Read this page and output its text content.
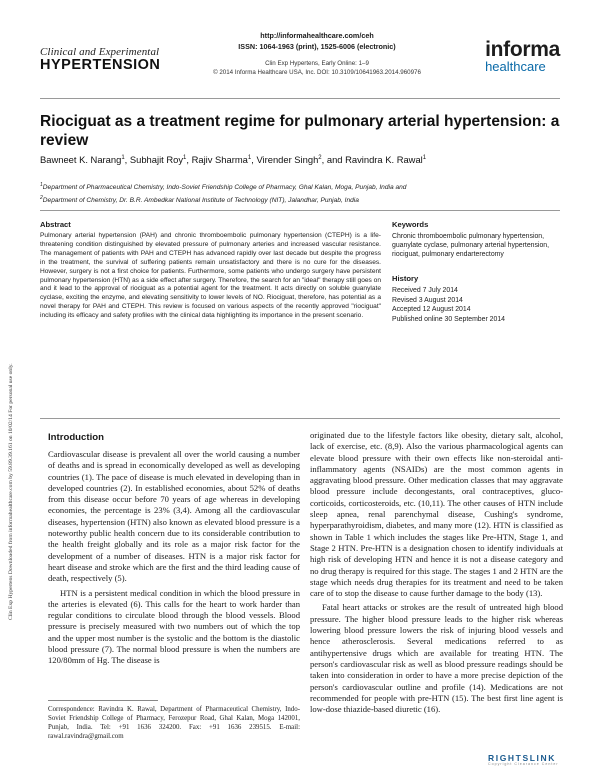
Clin Exp Hypertens Downloaded from informahealthcare.com by 59.89.39.161 on 10/02/14 For personal use only.
Clinical and Experimental
HYPERTENSION
http://informahealthcare.com/ceh
ISSN: 1064-1963 (print), 1525-6006 (electronic)
Clin Exp Hypertens, Early Online: 1–9
© 2014 Informa Healthcare USA, Inc. DOI: 10.3109/10641963.2014.960976
informa
healthcare
Riociguat as a treatment regime for pulmonary arterial hypertension: a review
Bawneet K. Narang$^1$, Subhajit Roy$^1$, Rajiv Sharma$^1$, Virender Singh$^2$, and Ravindra K. Rawal$^1$
$^1$Department of Pharmaceutical Chemistry, Indo-Soviet Friendship College of Pharmacy, Ghal Kalan, Moga, Punjab, India and
$^2$Department of Chemistry, Dr. B.R. Ambedkar National Institute of Technology (NIT), Jalandhar, Punjab, India
Abstract
Pulmonary arterial hypertension (PAH) and chronic thromboembolic pulmonary hypertension (CTEPH) is a life-threatening condition distinguished by elevated pressure of pulmonary arteries and increased vascular resistance. The management of patients with PAH and CTEPH has advanced rapidly over last decade but despite the progress in the treatment, the survival of suffering patients remain unsatisfactory and there is no cure for the diseases. However, surgery is not a first choice for patients. Furthermore, some patients who undergo surgery have persistent pulmonary hypertension (HTN) as a side effect after surgery. Therefore, the search for an "ideal" therapy still goes on and it lead to the approval of riociguat as a potential agent for the treatment. It acts directly on soluble guanylate cyclase, exciting the enzyme, and elevating sensitivity to lower levels of NO. Riociguat, therefore, has potential as a novel therapy for PAH and CTEPH. This review is focused on various aspects of the recently approved "riociguat" including its efficacy and safety profiles with the clinical data highlighting its importance in the present scenario.
Keywords
Chronic thromboembolic pulmonary hypertension, guanylate cyclase, pulmonary arterial hypertension, riociguat, pulmonary endarterectomy
History
Received 7 July 2014
Revised 3 August 2014
Accepted 12 August 2014
Published online 30 September 2014
Introduction

Cardiovascular disease is prevalent all over the world causing a number of deaths and is spread in economically developed as well as developing countries (1). The pace of disease is much elevated in developing than in developed countries (2). In established economies, about 52% of deaths from this disease occur before 70 years of age whereas in developing economies, the percentage is 23% (3,4). Among all the cardiovascular diseases, hypertension (HTN) also known as elevated blood pressure is a noteworthy public health concern due to its considerable contribution to the health freight globally and its role as a major risk factor for the development of a number of diseases. HTN is a major risk factor for heart disease and stroke which are the first and the third leading cause of death, respectively (5).

HTN is a persistent medical condition in which the blood pressure in the arteries is elevated (6). This calls for the heart to work harder than regular conditions to circulate blood through the blood vessels. Blood pressure is precisely measured with two numbers out of which the top and the upper most number is the systolic and the bottom is the diastolic blood pressure (7). The normal blood pressure is when the numbers are 120/80mm of Hg. The disease is

originated due to the lifestyle factors like obesity, dietary salt, alcohol, lack of exercise, etc. (8,9). Also the various pharmacological agents can elevate blood pressure with their own effects like non-steroidal anti-inflammatory agents (NSAIDs) are the most common agents in aggravating blood pressure. Other medication classes that may aggravate blood pressure include decongestants, oral contraceptives, gluco-corticoids, corticosteroids, etc. (10,11). The other causes of HTN include sleep apnea, renal parenchymal disease, Cushing's syndrome, hyperparathyroidism, diabetes, and many more (12). HTN is classified as shown in Table 1 which includes the stages like Pre-HTN, Stage 1, and Stage 2 HTN. Pre-HTN is a designation chosen to identify individuals at high risk of developing HTN and hence it is not a disease category and no drug therapy is required for this stage. The stages 1 and 2 HTN are the stage which needs drug therapies for its treatment and need to be taken care of to stop the disease to cause further damage to the body (13).

Fatal heart attacks or strokes are the result of untreated high blood pressure. The higher blood pressure leads to the higher risk whereas lowering blood pressure lowers the risk of injuring blood vessels and hence atherosclerosis. Several medications referred to as antihypertensive drugs which are available for treating HTN. The person's cardiovascular risk as well as blood pressure readings should be taken into consideration in order to have a more precise depiction of the person's cardiovascular outline and profile (14). Medications are not recommended for people with pre-HTN (15). The best first line agent is low-dose thiazide-based diuretic (16).

Correspondence: Ravindra K. Rawal, Department of Pharmaceutical Chemistry, Indo-Soviet Friendship College of Pharmacy, Ferozepur Road, Ghal Kalan, Moga 142001, Punjab, India. Tel: +91 1636 324200. Fax: +91 1636 239515. E-mail: rawal.ravindra@gmail.com
RIGHTSLINK
Copyright Clearance Center
